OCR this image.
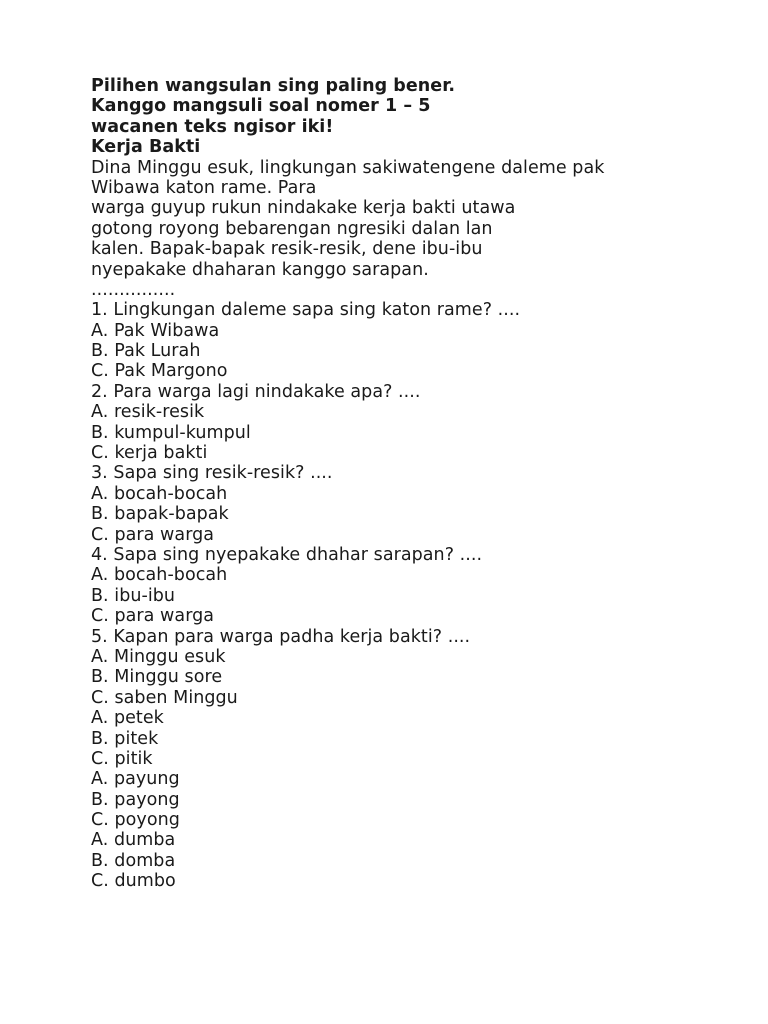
Pilihen wangsulan sing paling bener.
Kanggo mangsuli soal nomer 1 – 5
wacanen teks ngisor iki!
Kerja Bakti
Dina Minggu esuk, lingkungan sakiwatengene daleme pak
Wibawa katon rame. Para
warga guyup rukun nindakake kerja bakti utawa
gotong royong bebarengan ngresiki dalan lan
kalen. Bapak-bapak resik-resik, dene ibu-ibu
nyepakake dhaharan kanggo sarapan.
...............
1. Lingkungan daleme sapa sing katon rame? ....
A. Pak Wibawa
B. Pak Lurah
C. Pak Margono
2. Para warga lagi nindakake apa? ....
A. resik-resik
B. kumpul-kumpul
C. kerja bakti
3. Sapa sing resik-resik? ....
A. bocah-bocah
B. bapak-bapak
C. para warga
4. Sapa sing nyepakake dhahar sarapan? ....
A. bocah-bocah
B. ibu-ibu
C. para warga
5. Kapan para warga padha kerja bakti? ....
A. Minggu esuk
B. Minggu sore
C. saben Minggu
A. petek
B. pitek
C. pitik
A. payung
B. payong
C. poyong
A. dumba
B. domba
C. dumbo
